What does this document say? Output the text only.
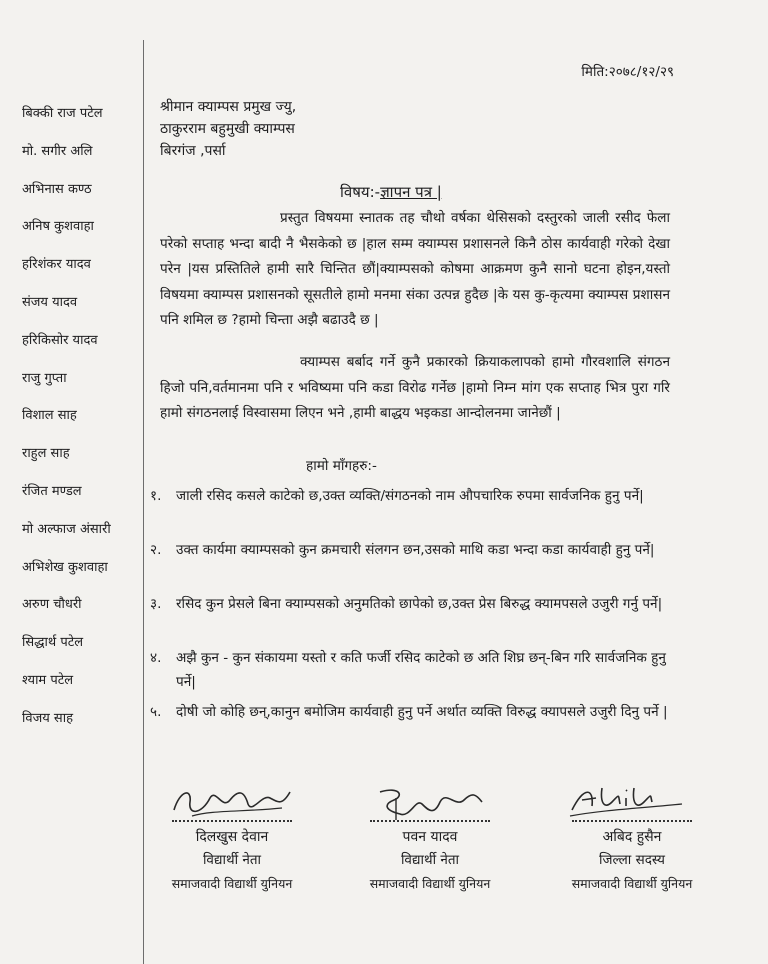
बिक्की राज पटेल
मो. सगीर अलि
अभिनास कण्ठ
अनिष कुशवाहा
हरिशंकर यादव
संजय यादव
हरिकिसोर यादव
राजु गुप्ता
विशाल साह
राहुल साह
रंजित मण्डल
मो अल्फाज अंसारी
अभिशेख कुशवाहा
अरुण चौधरी
सिद्धार्थ पटेल
श्याम पटेल
विजय साह
मिति:२०७८/१२/२९
श्रीमान क्याम्पस प्रमुख ज्यु,
ठाकुरराम बहुमुखी क्याम्पस
बिरगंज ,पर्सा
विषय:-ज्ञापन पत्र |

प्रस्तुत विषयमा स्नातक तह चौथो वर्षका थेसिसको दस्तुरको जाली रसीद फेला परेको सप्ताह भन्दा बादी नै भैसकेको छ |हाल सम्म क्याम्पस प्रशासनले किनै ठोस कार्यवाही गरेको देखा परेन |यस प्रस्तितिले हामी सारै चिन्तित छौं|क्याम्पसको कोषमा आक्रमण कुनै सानो घटना होइन,यस्तो विषयमा क्याम्पस प्रशासनको सूसतीले हामो मनमा संका उत्पन्न हुदैछ |के यस कु-कृत्यमा क्याम्पस प्रशासन पनि शमिल छ ?हामो चिन्ता अझै बढाउदै छ |

क्याम्पस बर्बाद गर्ने कुनै प्रकारको क्रियाकलापको हामो गौरवशालि संगठन हिजो पनि,वर्तमानमा पनि र भविष्यमा पनि कडा विरोढ गर्नेछ |हामो निम्न मांग एक सप्ताह भित्र पुरा गरि हामो संगठनलाई विस्वासमा लिएन भने ,हामी बाद्धय भइकडा आन्दोलनमा जानेछौं |

हामो माँगहरु:-
१. जाली रसिद कसले काटेको छ,उक्त व्यक्ति/संगठनको नाम औपचारिक रुपमा सार्वजनिक हुनु पर्ने|
२. उक्त कार्यमा क्याम्पसको कुन क्रमचारी संलगन छन,उसको माथि कडा भन्दा कडा कार्यवाही हुनु पर्ने|
३. रसिद कुन प्रेसले बिना क्याम्पसको अनुमतिको छापेको छ,उक्त प्रेस बिरुद्ध क्यामपसले उजुरी गर्नु पर्ने|
४. अझै कुन - कुन संकायमा यस्तो र कति फर्जी रसिद काटेको छ अति शिघ्र छन्-बिन गरि सार्वजनिक हुनु पर्ने|
५. दोषी जो कोहि छन्,कानुन बमोजिम कार्यवाही हुनु पर्ने अर्थात व्यक्ति विरुद्ध क्यापसले उजुरी दिनु पर्ने |
दिलखुस देवान
विद्यार्थी नेता
समाजवादी विद्यार्थी युनियन
पवन यादव
विद्यार्थी नेता
समाजवादी विद्यार्थी युनियन
अबिद हुसैन
जिल्ला सदस्य
समाजवादी विद्यार्थी युनियन
